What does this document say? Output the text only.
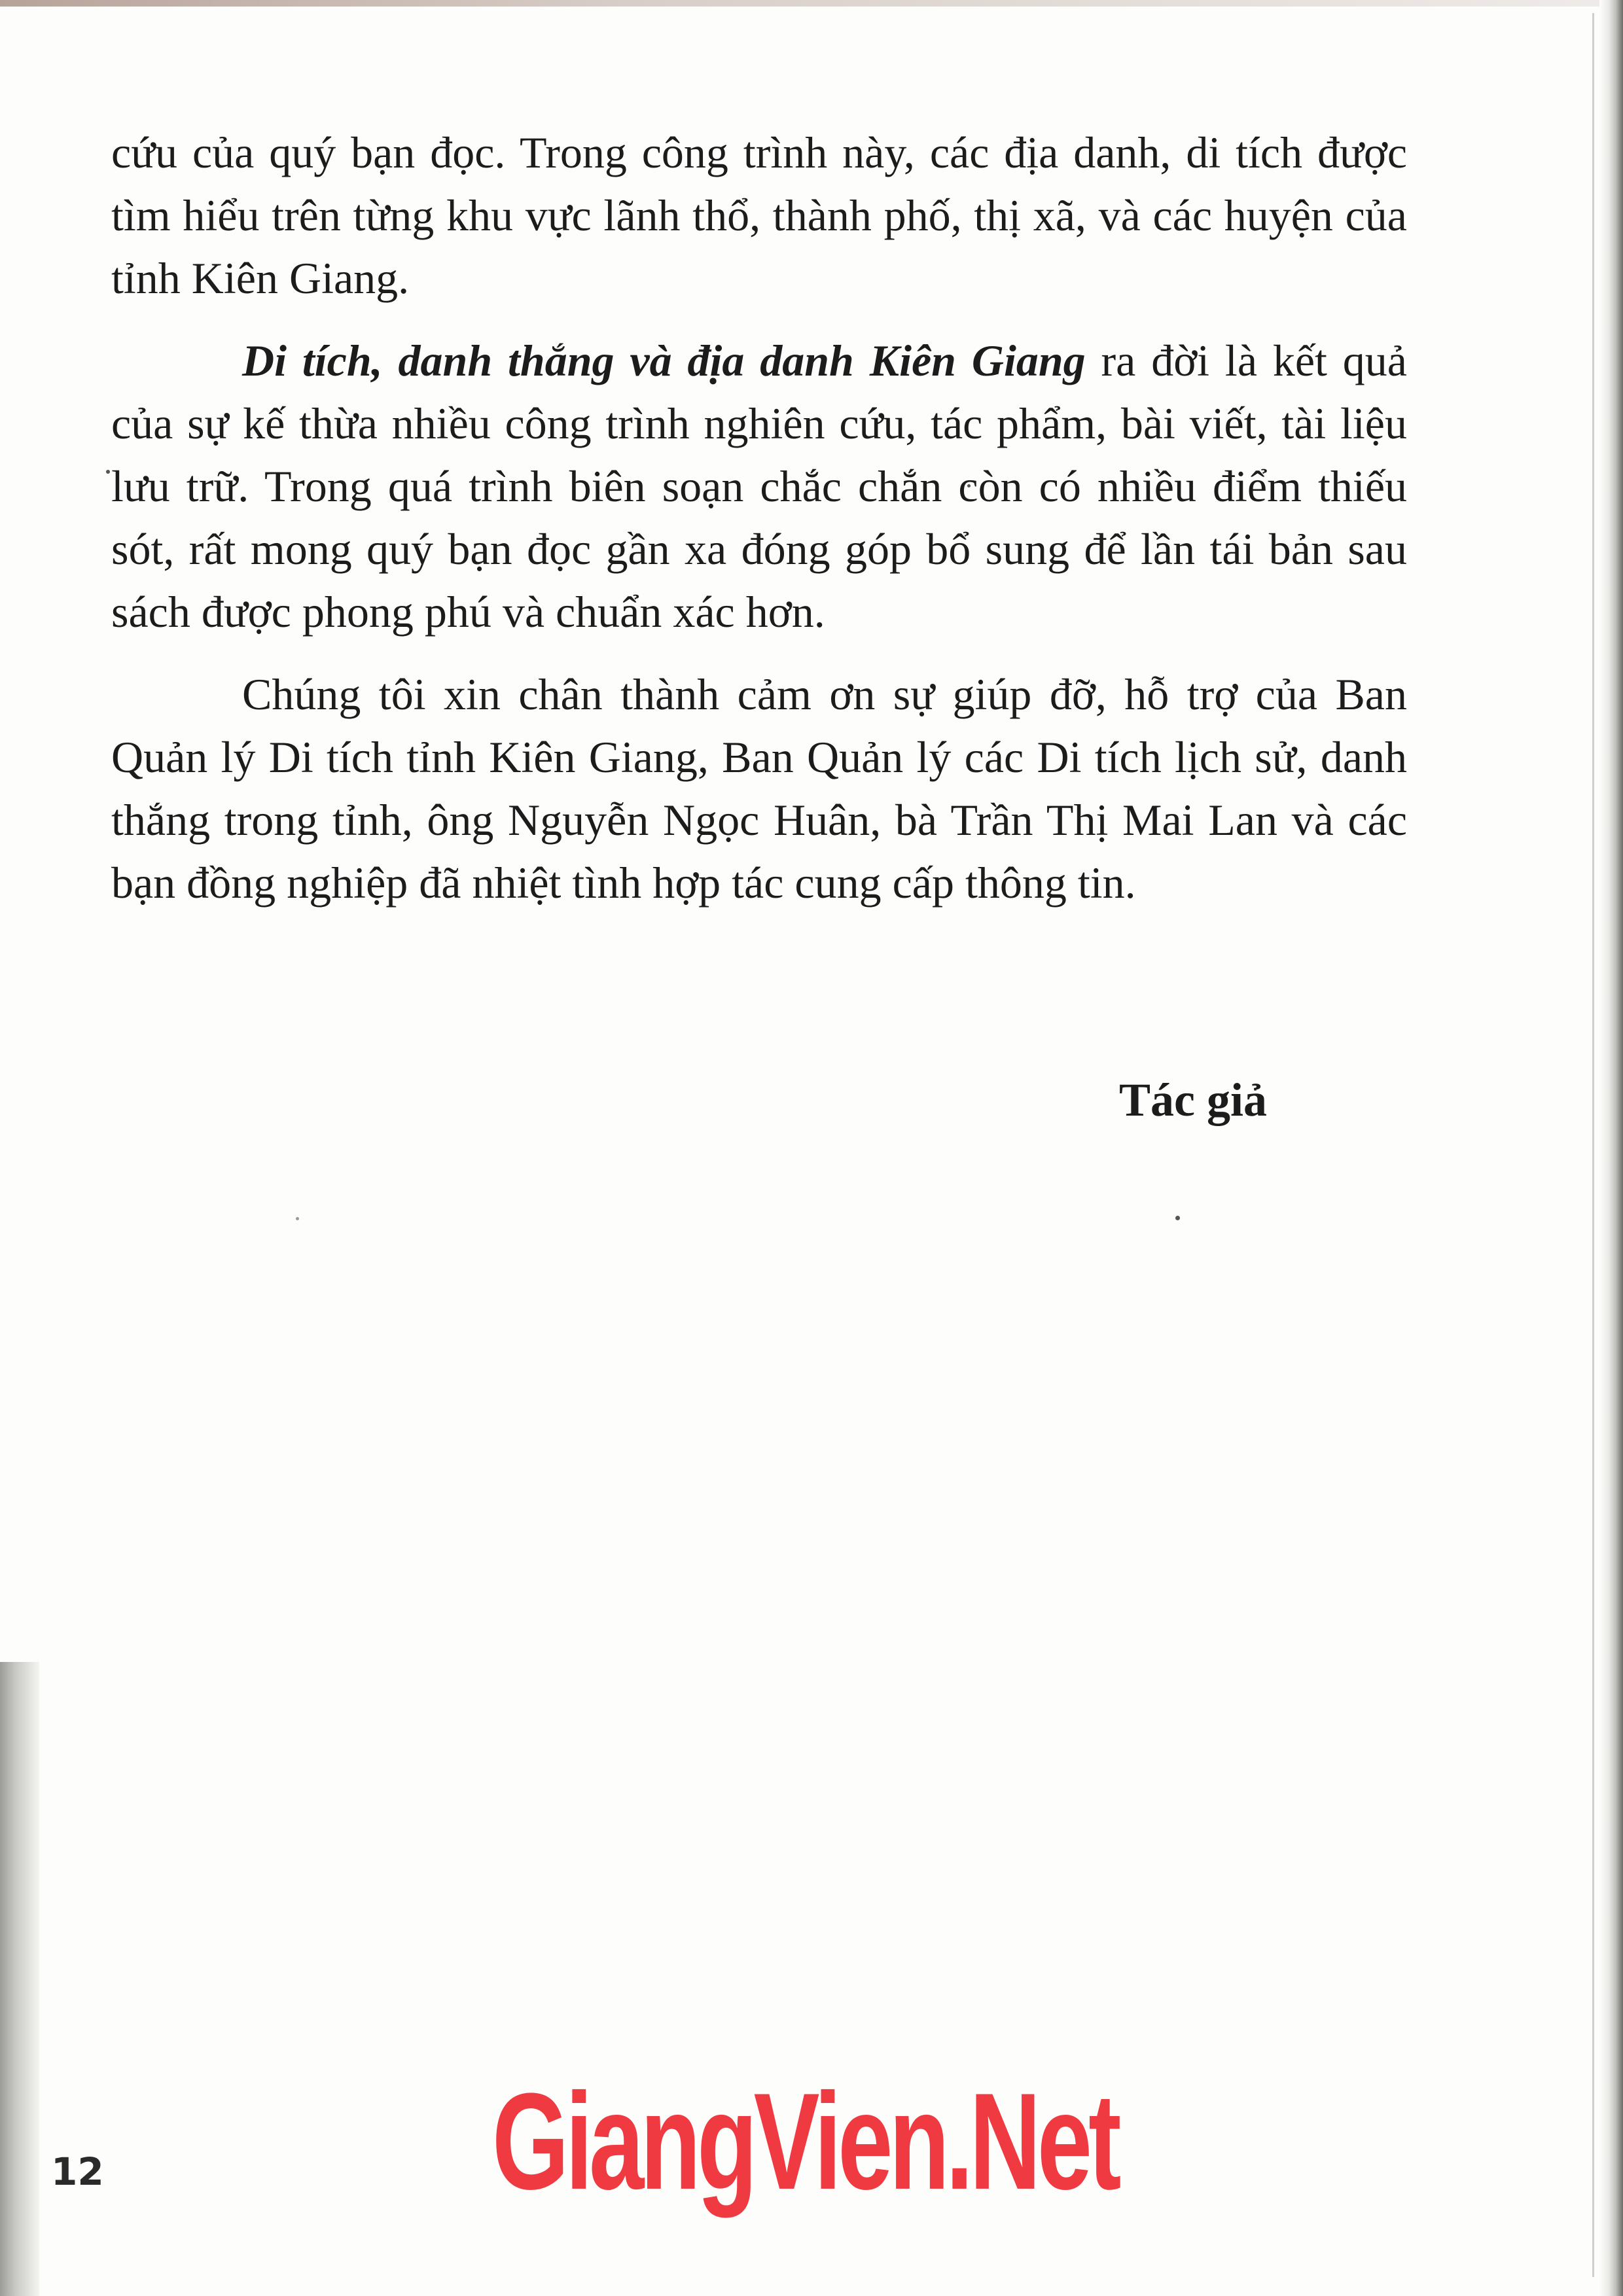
cứu của quý bạn đọc. Trong công trình này, các địa danh, di tích được tìm hiểu trên từng khu vực lãnh thổ, thành phố, thị xã, và các huyện của tỉnh Kiên Giang.

Di tích, danh thắng và địa danh Kiên Giang ra đời là kết quả của sự kế thừa nhiều công trình nghiên cứu, tác phẩm, bài viết, tài liệu lưu trữ. Trong quá trình biên soạn chắc chắn còn có nhiều điểm thiếu sót, rất mong quý bạn đọc gần xa đóng góp bổ sung để lần tái bản sau sách được phong phú và chuẩn xác hơn.

Chúng tôi xin chân thành cảm ơn sự giúp đỡ, hỗ trợ của Ban Quản lý Di tích tỉnh Kiên Giang, Ban Quản lý các Di tích lịch sử, danh thắng trong tỉnh, ông Nguyễn Ngọc Huân, bà Trần Thị Mai Lan và các bạn đồng nghiệp đã nhiệt tình hợp tác cung cấp thông tin.

Tác giả
12	GiangVien.Net
